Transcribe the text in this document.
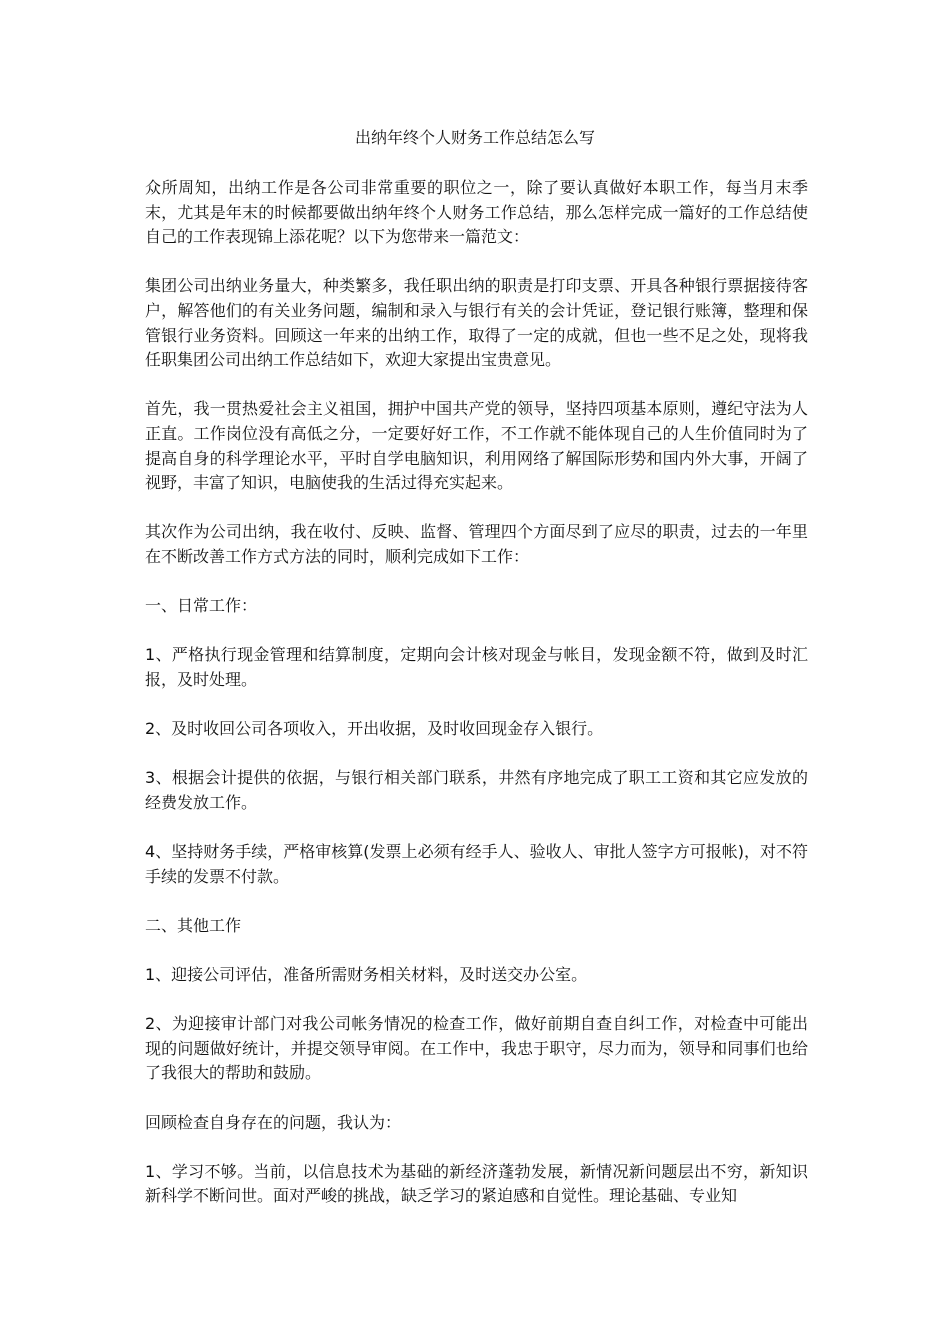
出纳年终个人财务工作总结怎么写

众所周知，出纳工作是各公司非常重要的职位之一，除了要认真做好本职工作，每当月末季末，尤其是年末的时候都要做出纳年终个人财务工作总结，那么怎样完成一篇好的工作总结使自己的工作表现锦上添花呢？以下为您带来一篇范文：

集团公司出纳业务量大，种类繁多，我任职出纳的职责是打印支票、开具各种银行票据接待客户，解答他们的有关业务问题，编制和录入与银行有关的会计凭证，登记银行账簿，整理和保管银行业务资料。回顾这一年来的出纳工作，取得了一定的成就，但也一些不足之处，现将我任职集团公司出纳工作总结如下，欢迎大家提出宝贵意见。

首先，我一贯热爱社会主义祖国，拥护中国共产党的领导，坚持四项基本原则，遵纪守法为人正直。工作岗位没有高低之分，一定要好好工作，不工作就不能体现自己的人生价值同时为了提高自身的科学理论水平，平时自学电脑知识，利用网络了解国际形势和国内外大事，开阔了视野，丰富了知识，电脑使我的生活过得充实起来。

其次作为公司出纳，我在收付、反映、监督、管理四个方面尽到了应尽的职责，过去的一年里在不断改善工作方式方法的同时，顺利完成如下工作：

一、日常工作：

1、严格执行现金管理和结算制度，定期向会计核对现金与帐目，发现金额不符，做到及时汇报，及时处理。

2、及时收回公司各项收入，开出收据，及时收回现金存入银行。

3、根据会计提供的依据，与银行相关部门联系，井然有序地完成了职工工资和其它应发放的经费发放工作。

4、坚持财务手续，严格审核算(发票上必须有经手人、验收人、审批人签字方可报帐)，对不符手续的发票不付款。

二、其他工作

1、迎接公司评估，准备所需财务相关材料，及时送交办公室。

2、为迎接审计部门对我公司帐务情况的检查工作，做好前期自查自纠工作，对检查中可能出现的问题做好统计，并提交领导审阅。在工作中，我忠于职守，尽力而为，领导和同事们也给了我很大的帮助和鼓励。

回顾检查自身存在的问题，我认为：

1、学习不够。当前，以信息技术为基础的新经济蓬勃发展，新情况新问题层出不穷，新知识新科学不断问世。面对严峻的挑战，缺乏学习的紧迫感和自觉性。理论基础、专业知
